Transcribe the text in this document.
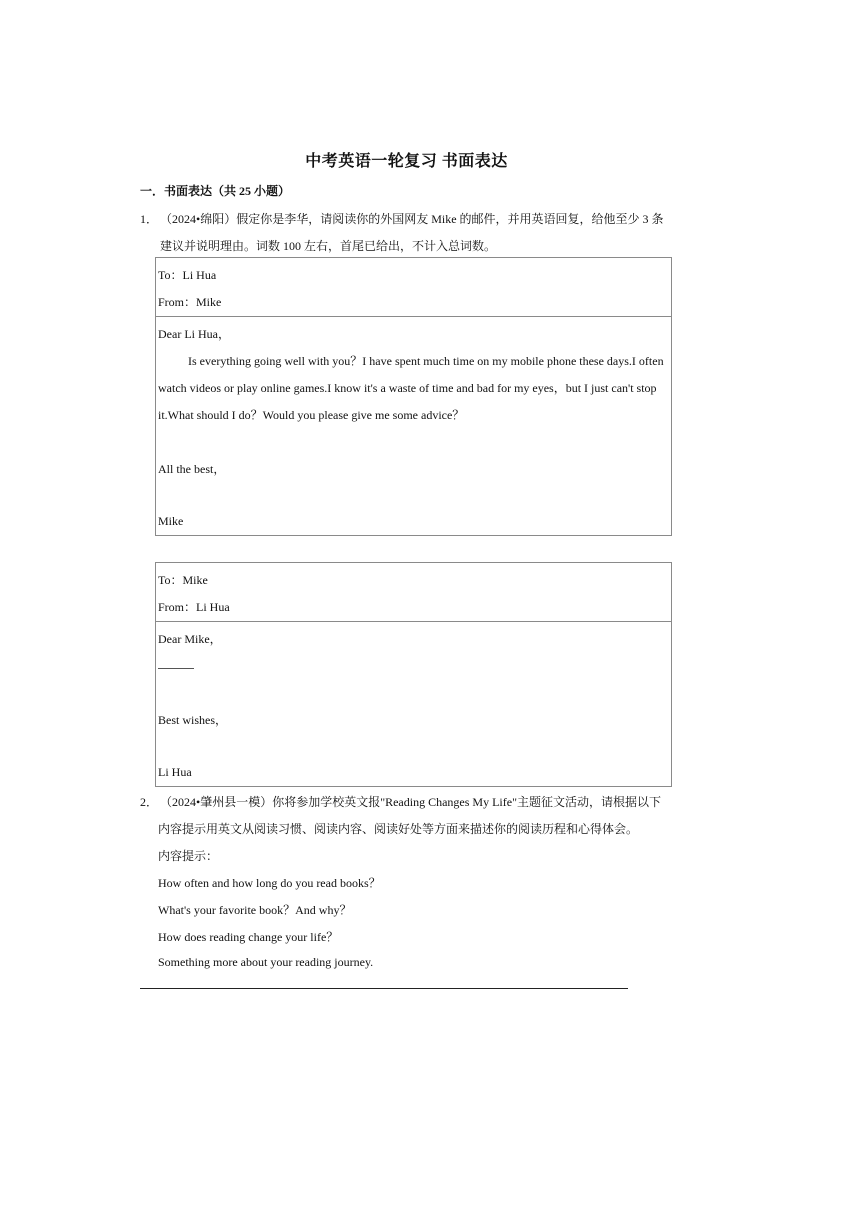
中考英语一轮复习 书面表达
一．书面表达（共 25 小题）
1． （2024•绵阳）假定你是李华，请阅读你的外国网友 Mike 的邮件，并用英语回复，给他至少 3 条
建议并说明理由。词数 100 左右，首尾已给出，不计入总词数。
To：Li Hua
From：Mike
Dear Li Hua，
Is everything going well with you？I have spent much time on my mobile phone these days.I often
watch videos or play online games.I know it's a waste of time and bad for my eyes，but I just can't stop
it.What should I do？Would you please give me some advice？
All the best，
Mike
To：Mike
From：Li Hua
Dear Mike，
Best wishes，
Li Hua
2． （2024•肇州县一模）你将参加学校英文报"Reading Changes My Life"主题征文活动，请根据以下
内容提示用英文从阅读习惯、阅读内容、阅读好处等方面来描述你的阅读历程和心得体会。
内容提示：
How often and how long do you read books？
What's your favorite book？And why？
How does reading change your life？
Something more about your reading journey.
